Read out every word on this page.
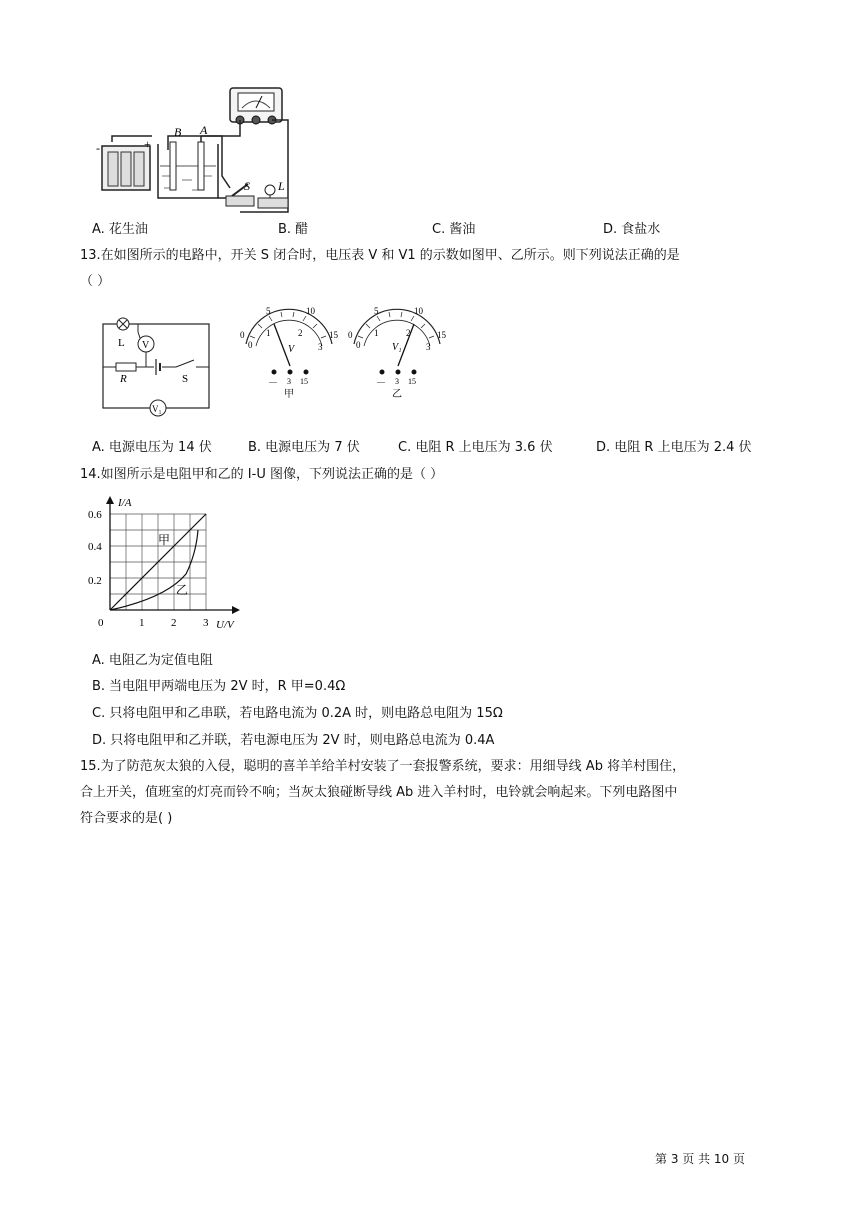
-	+
B A
S L
A. 花生油	B. 醋	C. 酱油	D. 食盐水
13.在如图所示的电路中，开关 S 闭合时，电压表 V 和 V1 的示数如图甲、乙所示。则下列说法正确的是
（ ）
L V
R	S
V₁
0
5	10
15
0
1	2
3
V
— 3 15
甲
0
5	10
15
0
1	2
3
V₁
— 3 15
乙
A. 电源电压为 14 伏	B. 电源电压为 7 伏	C. 电阻 R 上电压为 3.6 伏	D. 电阻 R 上电压为 2.4 伏
14.如图所示是电阻甲和乙的 I-U 图像，下列说法正确的是（ ）
I/A
U/V
0.6
0.4
0.2
0	1 2 3
甲
乙
A. 电阻乙为定值电阻
B. 当电阻甲两端电压为 2V 时，R 甲=0.4Ω
C. 只将电阻甲和乙串联，若电路电流为 0.2A 时，则电路总电阻为 15Ω
D. 只将电阻甲和乙并联，若电源电压为 2V 时，则电路总电流为 0.4A
15.为了防范灰太狼的入侵，聪明的喜羊羊给羊村安装了一套报警系统，要求：用细导线 Ab 将羊村围住，
合上开关，值班室的灯亮而铃不响；当灰太狼碰断导线 Ab 进入羊村时，电铃就会响起来。下列电路图中
符合要求的是( )
第 3 页 共 10 页
